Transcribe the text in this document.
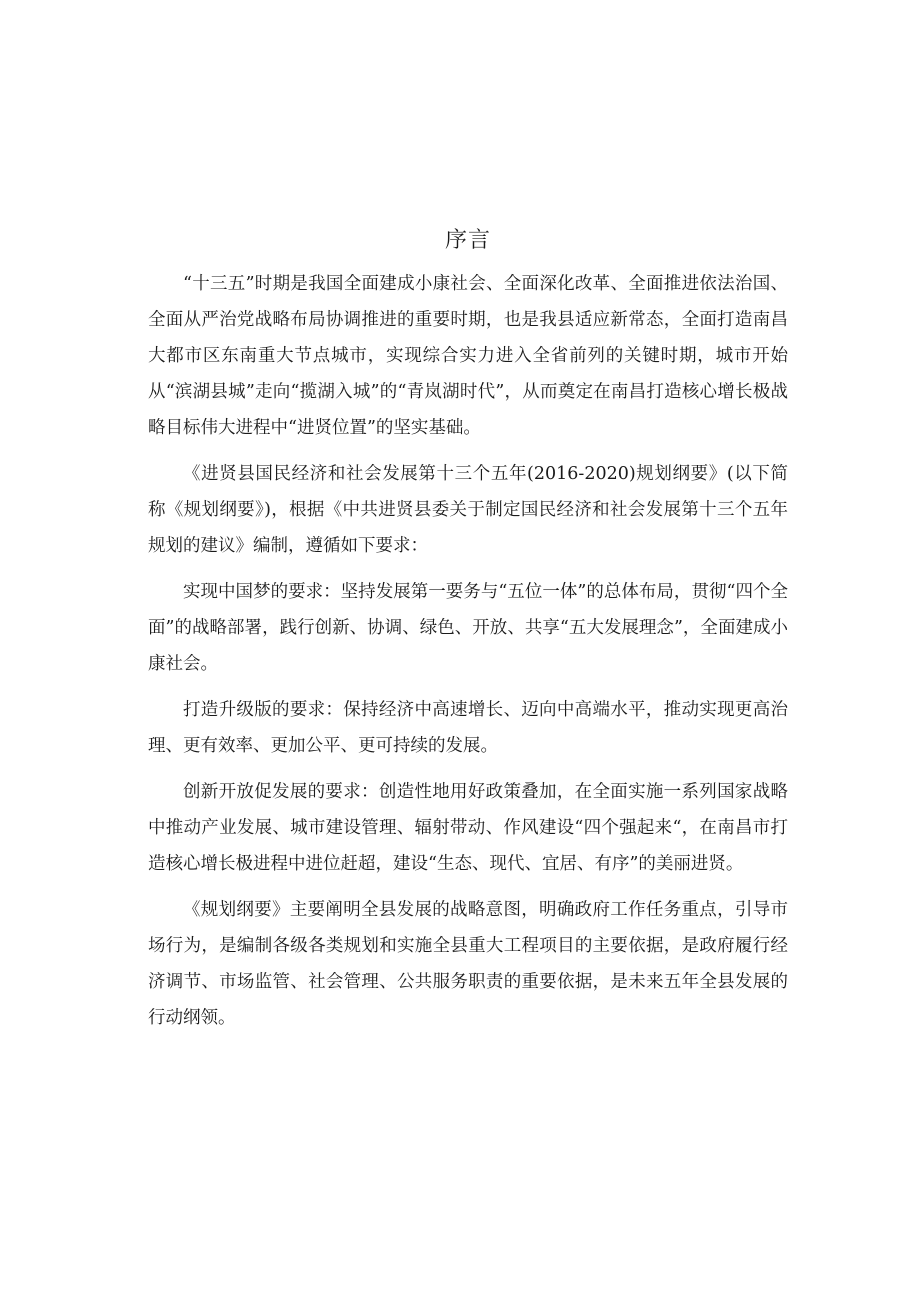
序言

“十三五”时期是我国全面建成小康社会、全面深化改革、全面推进依法治国、全面从严治党战略布局协调推进的重要时期，也是我县适应新常态，全面打造南昌大都市区东南重大节点城市，实现综合实力进入全省前列的关键时期，城市开始从“滨湖县城”走向“揽湖入城”的“青岚湖时代”，从而奠定在南昌打造核心增长极战略目标伟大进程中“进贤位置”的坚实基础。

《进贤县国民经济和社会发展第十三个五年(2016-2020)规划纲要》(以下简称《规划纲要》)，根据《中共进贤县委关于制定国民经济和社会发展第十三个五年规划的建议》编制，遵循如下要求：

实现中国梦的要求：坚持发展第一要务与“五位一体”的总体布局，贯彻“四个全面”的战略部署，践行创新、协调、绿色、开放、共享“五大发展理念”，全面建成小康社会。

打造升级版的要求：保持经济中高速增长、迈向中高端水平，推动实现更高治理、更有效率、更加公平、更可持续的发展。

创新开放促发展的要求：创造性地用好政策叠加，在全面实施一系列国家战略中推动产业发展、城市建设管理、辐射带动、作风建设“四个强起来“，在南昌市打造核心增长极进程中进位赶超，建设“生态、现代、宜居、有序”的美丽进贤。

《规划纲要》主要阐明全县发展的战略意图，明确政府工作任务重点，引导市场行为，是编制各级各类规划和实施全县重大工程项目的主要依据，是政府履行经济调节、市场监管、社会管理、公共服务职责的重要依据，是未来五年全县发展的行动纲领。
